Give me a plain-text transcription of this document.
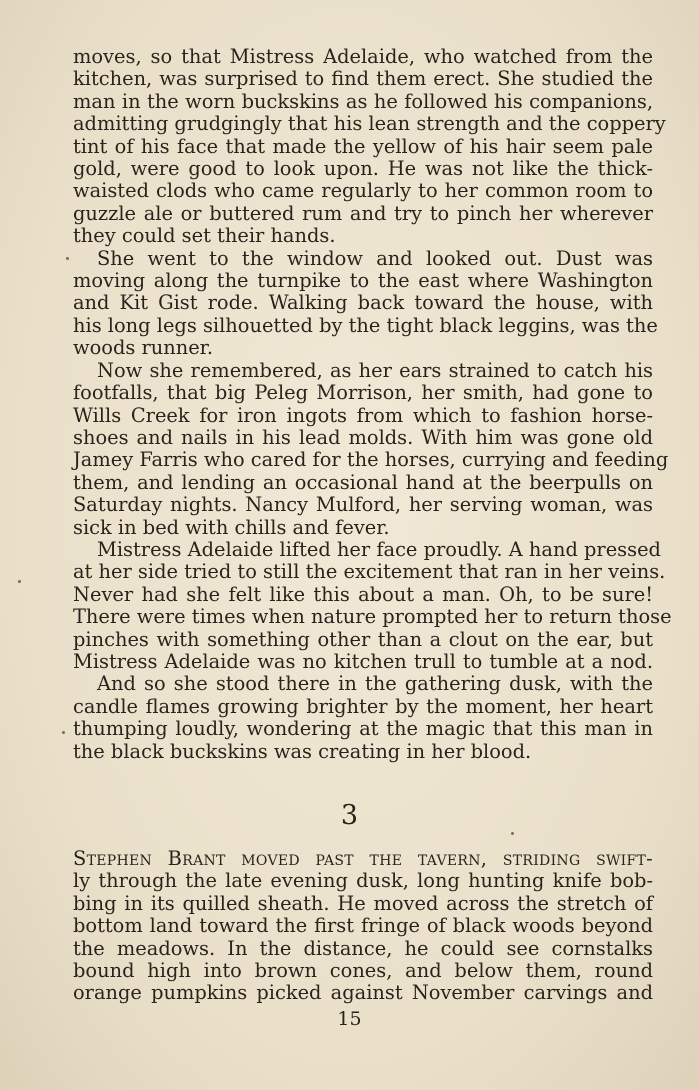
moves, so that Mistress Adelaide, who watched from the
kitchen, was surprised to find them erect. She studied the
man in the worn buckskins as he followed his companions,
admitting grudgingly that his lean strength and the coppery
tint of his face that made the yellow of his hair seem pale
gold, were good to look upon. He was not like the thick-
waisted clods who came regularly to her common room to
guzzle ale or buttered rum and try to pinch her wherever
they could set their hands.
She went to the window and looked out. Dust was
moving along the turnpike to the east where Washington
and Kit Gist rode. Walking back toward the house, with
his long legs silhouetted by the tight black leggins, was the
woods runner.
Now she remembered, as her ears strained to catch his
footfalls, that big Peleg Morrison, her smith, had gone to
Wills Creek for iron ingots from which to fashion horse-
shoes and nails in his lead molds. With him was gone old
Jamey Farris who cared for the horses, currying and feeding
them, and lending an occasional hand at the beerpulls on
Saturday nights. Nancy Mulford, her serving woman, was
sick in bed with chills and fever.
Mistress Adelaide lifted her face proudly. A hand pressed
at her side tried to still the excitement that ran in her veins.
Never had she felt like this about a man. Oh, to be sure!
There were times when nature prompted her to return those
pinches with something other than a clout on the ear, but
Mistress Adelaide was no kitchen trull to tumble at a nod.
And so she stood there in the gathering dusk, with the
candle flames growing brighter by the moment, her heart
thumping loudly, wondering at the magic that this man in
the black buckskins was creating in her blood.
3
Stephen Brant moved past the tavern, striding swift-
ly through the late evening dusk, long hunting knife bob-
bing in its quilled sheath. He moved across the stretch of
bottom land toward the first fringe of black woods beyond
the meadows. In the distance, he could see cornstalks
bound high into brown cones, and below them, round
orange pumpkins picked against November carvings and
15
